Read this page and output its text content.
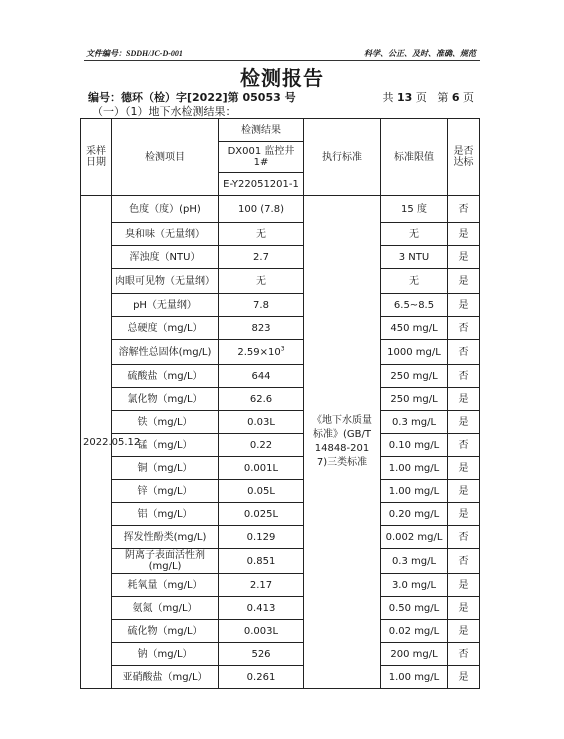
文件编号：SDDH/JC-D-001	科学、公正、及时、准确、规范
检测报告
编号：德环（检）字[2022]第 05053 号	共 13 页 第 6 页
（一）（1）地下水检测结果：
采样日期	检测项目	检测结果	执行标准	标准限值	是否达标
		DX001 监控井1#			
		E-Y22051201-1			
2022.05.12	色度（度）(pH)	100 (7.8)	《地下水质量标准》(GB/T14848-2017)三类标准	15 度	否
	臭和味（无量纲）	无		无	是
	浑浊度（NTU）	2.7		3 NTU	是
	肉眼可见物（无量纲）	无		无	是
	pH（无量纲）	7.8		6.5~8.5	是
	总硬度（mg/L）	823		450 mg/L	否
	溶解性总固体(mg/L)	$2.59\times 10^3$		1000 mg/L	否
	硫酸盐（mg/L）	644		250 mg/L	否
	氯化物（mg/L）	62.6		250 mg/L	是
	铁（mg/L）	0.03L		0.3 mg/L	是
	锰（mg/L）	0.22		0.10 mg/L	否
	铜（mg/L）	0.001L		1.00 mg/L	是
	锌（mg/L）	0.05L		1.00 mg/L	是
	铝（mg/L）	0.025L		0.20 mg/L	是
	挥发性酚类(mg/L)	0.129		0.002 mg/L	否
	阴离子表面活性剂(mg/L)	0.851		0.3 mg/L	否
	耗氧量（mg/L）	2.17		3.0 mg/L	是
	氨氮（mg/L）	0.413		0.50 mg/L	是
	硫化物（mg/L）	0.003L		0.02 mg/L	是
	钠（mg/L）	526		200 mg/L	否
	亚硝酸盐（mg/L）	0.261		1.00 mg/L	是
